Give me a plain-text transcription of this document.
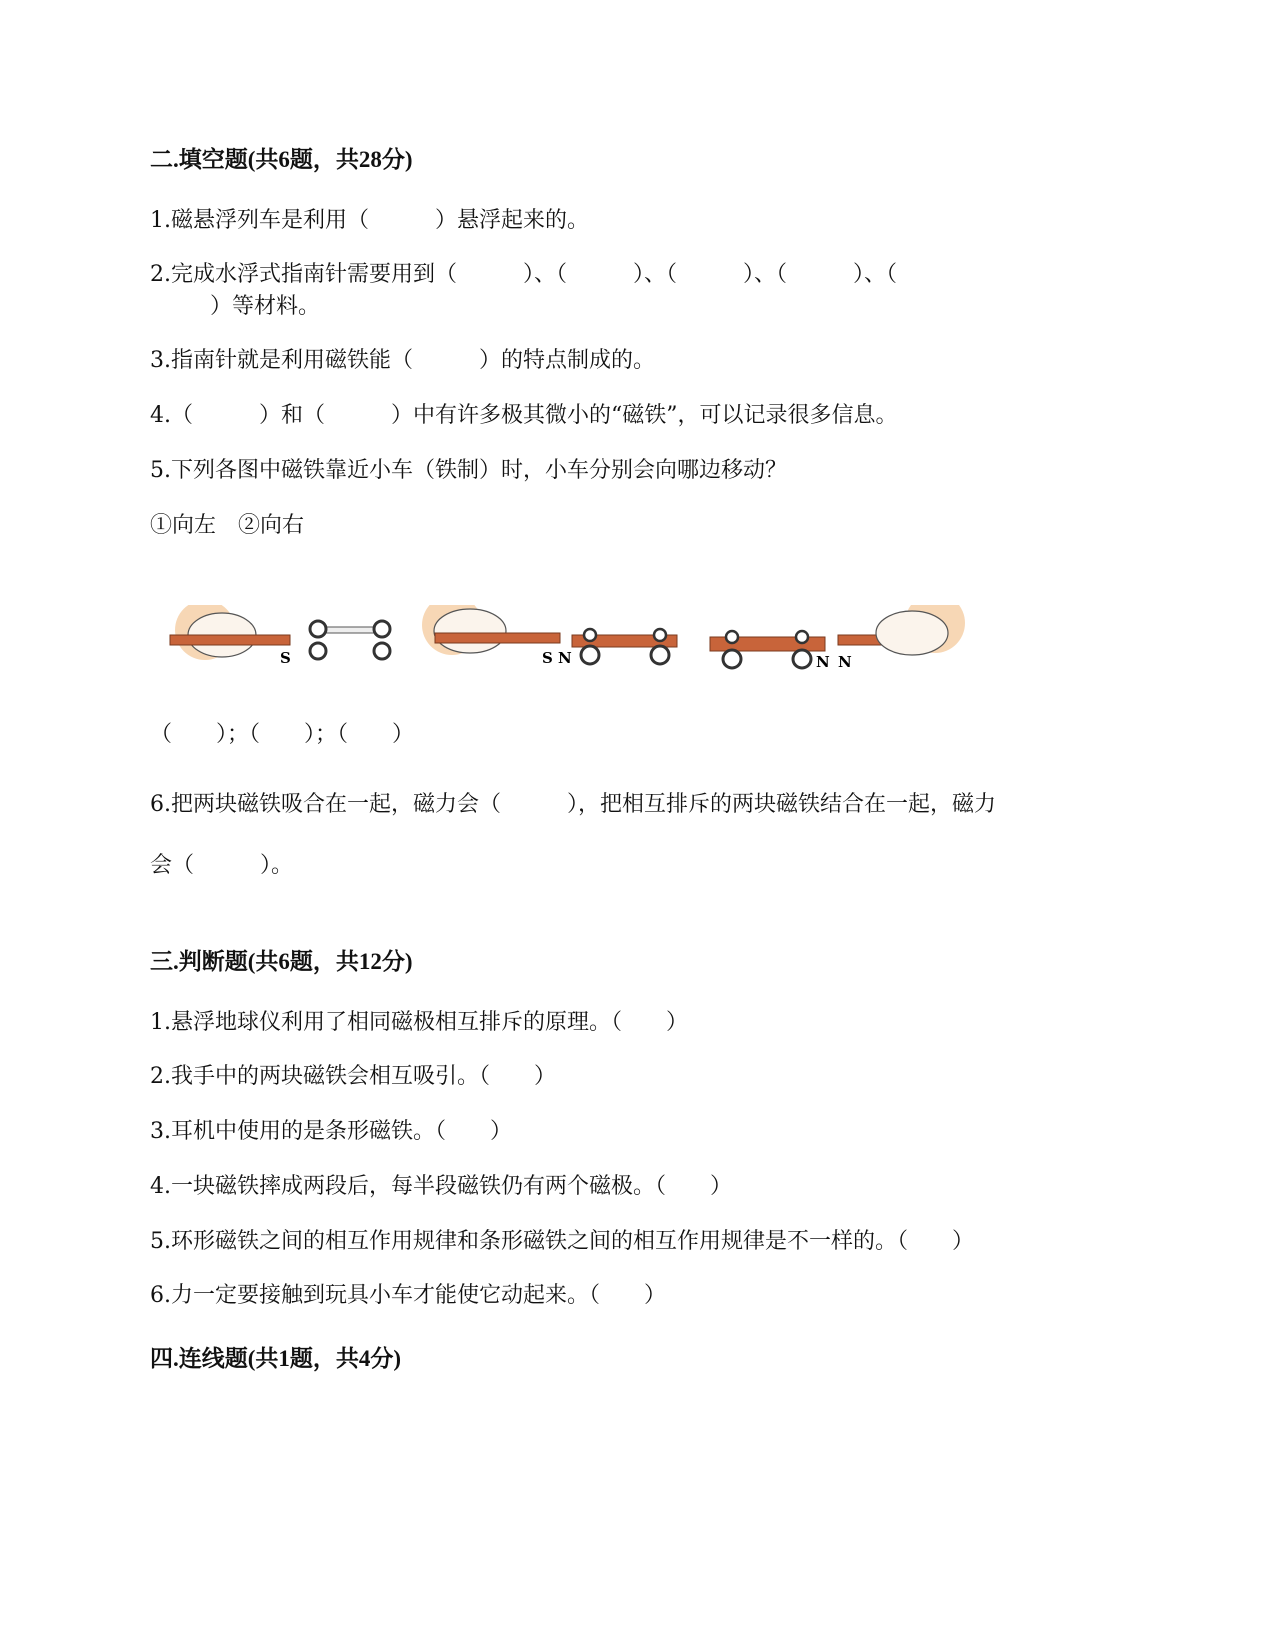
二.填空题(共6题，共28分)
1.磁悬浮列车是利用（　　　）悬浮起来的。
2.完成水浮式指南针需要用到（　　　）、（　　　）、（　　　）、（　　　）、（
）等材料。
3.指南针就是利用磁铁能（　　　）的特点制成的。
4.（　　　）和（　　　）中有许多极其微小的“磁铁”，可以记录很多信息。
5.下列各图中磁铁靠近小车（铁制）时，小车分别会向哪边移动？
①向左　②向右
S	S N	N N
（　　）；（　　）；（　　）
6.把两块磁铁吸合在一起，磁力会（　　　），把相互排斥的两块磁铁结合在一起，磁力
会（　　　）。
三.判断题(共6题，共12分)
1.悬浮地球仪利用了相同磁极相互排斥的原理。（　　）
2.我手中的两块磁铁会相互吸引。（　　）
3.耳机中使用的是条形磁铁。（　　）
4.一块磁铁摔成两段后，每半段磁铁仍有两个磁极。（　　）
5.环形磁铁之间的相互作用规律和条形磁铁之间的相互作用规律是不一样的。（　　）
6.力一定要接触到玩具小车才能使它动起来。（　　）
四.连线题(共1题，共4分)
